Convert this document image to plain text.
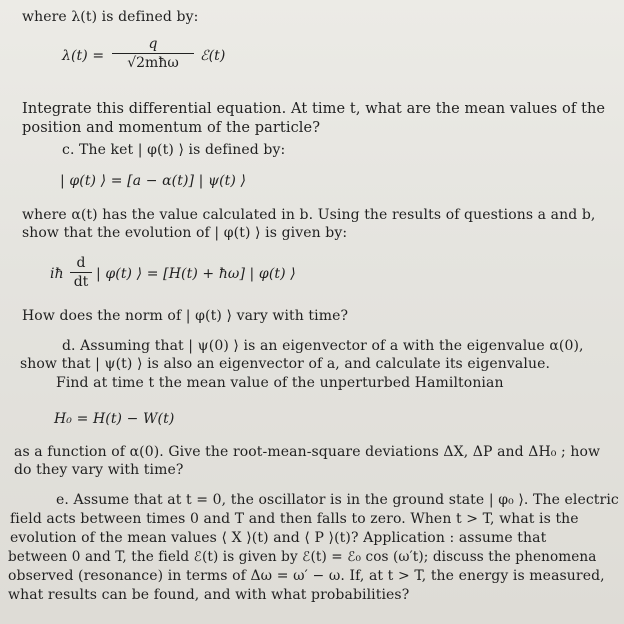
where λ(t) is defined by:
λ(t) =
q
√2mħω	ℰ(t)
Integrate this differential equation. At time t, what are the mean values of the
position and momentum of the particle?
c. The ket | φ(t) ⟩ is defined by:
| φ(t) ⟩ = [a − α(t)] | ψ(t) ⟩
where α(t) has the value calculated in b. Using the results of questions a and b,
show that the evolution of | φ(t) ⟩ is given by:
iħ
d
dt | φ(t) ⟩ = [H(t) + ħω] | φ(t) ⟩
How does the norm of | φ(t) ⟩ vary with time?
d. Assuming that | ψ(0) ⟩ is an eigenvector of a with the eigenvalue α(0),
show that | ψ(t) ⟩ is also an eigenvector of a, and calculate its eigenvalue.
Find at time t the mean value of the unperturbed Hamiltonian
H₀ = H(t) − W(t)
as a function of α(0). Give the root-mean-square deviations ΔX, ΔP and ΔH₀ ; how
do they vary with time?
e. Assume that at t = 0, the oscillator is in the ground state | φ₀ ⟩. The electric
field acts between times 0 and T and then falls to zero. When t > T, what is the
evolution of the mean values ⟨ X ⟩(t) and ⟨ P ⟩(t)? Application : assume that
between 0 and T, the field ℰ(t) is given by ℰ(t) = ℰ₀ cos (ω′t); discuss the phenomena
observed (resonance) in terms of Δω = ω′ − ω. If, at t > T, the energy is measured,
what results can be found, and with what probabilities?
